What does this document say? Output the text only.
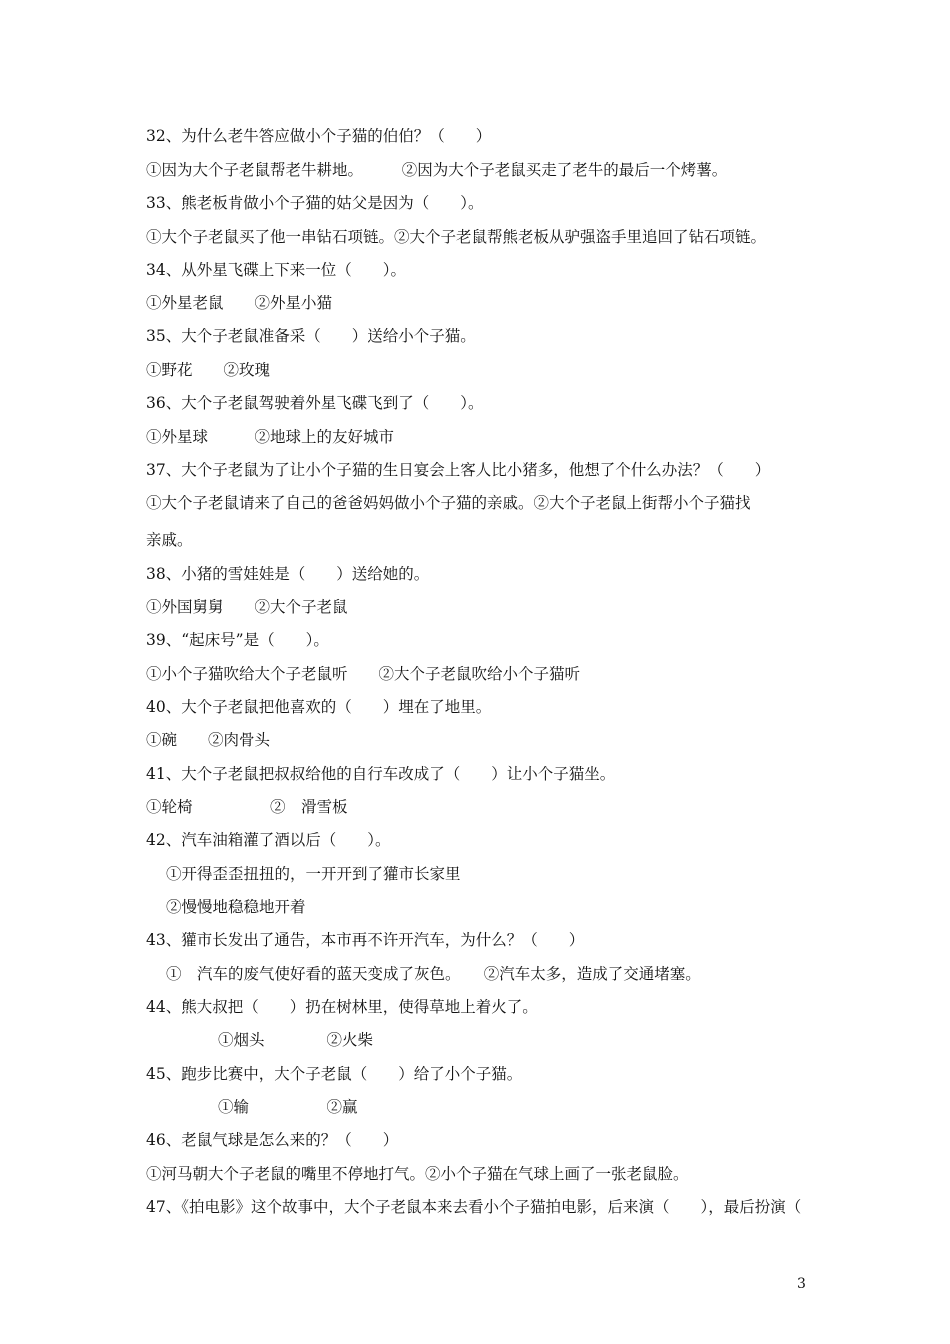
32、为什么老牛答应做小个子猫的伯伯？（　　）
①因为大个子老鼠帮老牛耕地。　　　②因为大个子老鼠买走了老牛的最后一个烤薯。
33、熊老板肯做小个子猫的姑父是因为（　　）。
①大个子老鼠买了他一串钻石项链。②大个子老鼠帮熊老板从驴强盗手里追回了钻石项链。
34、从外星飞碟上下来一位（　　）。
①外星老鼠　　②外星小猫
35、大个子老鼠准备采（　　）送给小个子猫。
①野花　　②玫瑰
36、大个子老鼠驾驶着外星飞碟飞到了（　　）。
①外星球　　　②地球上的友好城市
37、大个子老鼠为了让小个子猫的生日宴会上客人比小猪多，他想了个什么办法？（　　）
①大个子老鼠请来了自己的爸爸妈妈做小个子猫的亲戚。②大个子老鼠上街帮小个子猫找
亲戚。
38、小猪的雪娃娃是（　　）送给她的。
①外国舅舅　　②大个子老鼠
39、“起床号”是（　　）。
①小个子猫吹给大个子老鼠听　　②大个子老鼠吹给小个子猫听
40、大个子老鼠把他喜欢的（　　）埋在了地里。
①碗　　②肉骨头
41、大个子老鼠把叔叔给他的自行车改成了（　　）让小个子猫坐。
①轮椅　　　　　②　滑雪板
42、汽车油箱灌了酒以后（　　）。
①开得歪歪扭扭的，一开开到了獾市长家里
②慢慢地稳稳地开着
43、獾市长发出了通告，本市再不许开汽车，为什么？（　　）
①　汽车的废气使好看的蓝天变成了灰色。　　②汽车太多，造成了交通堵塞。
44、熊大叔把（　　）扔在树林里，使得草地上着火了。
①烟头　　　　②火柴
45、跑步比赛中，大个子老鼠（　　）给了小个子猫。
①输　　　　　②赢
46、老鼠气球是怎么来的？（　　）
①河马朝大个子老鼠的嘴里不停地打气。②小个子猫在气球上画了一张老鼠脸。
47、《拍电影》这个故事中，大个子老鼠本来去看小个子猫拍电影，后来演（　　），最后扮演（
3
